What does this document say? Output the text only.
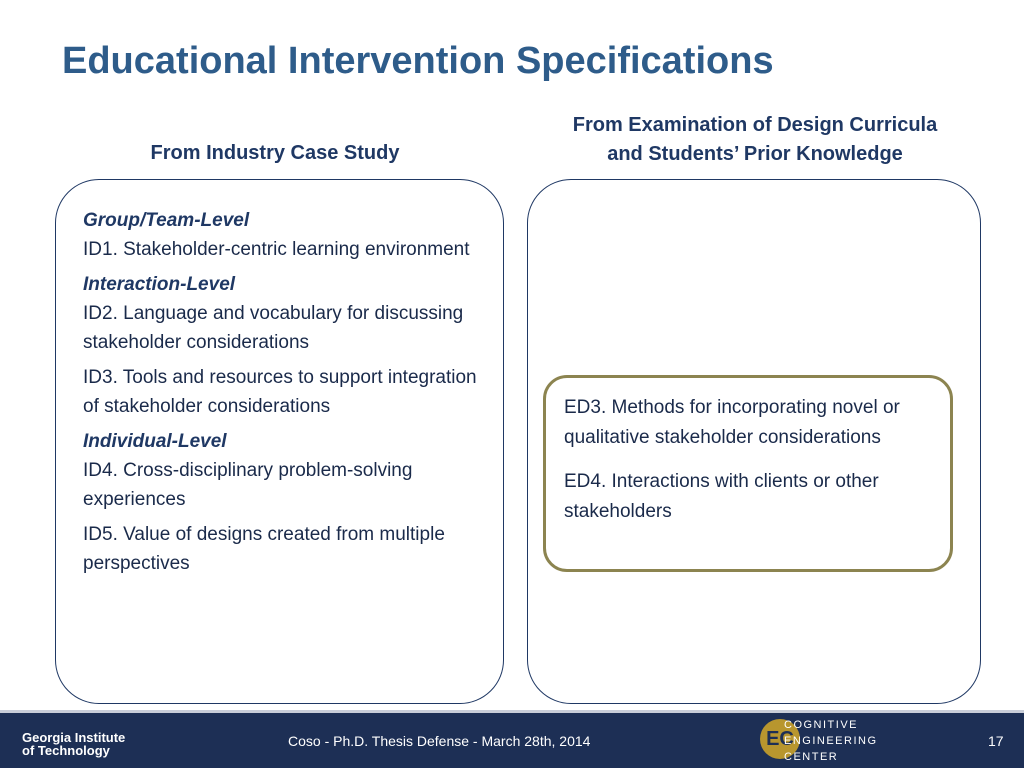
Educational Intervention Specifications
From Industry Case Study
From Examination of Design Curricula
and Students’ Prior Knowledge
Group/Team-Level
ID1. Stakeholder-centric learning environment
Interaction-Level
ID2. Language and vocabulary for discussing stakeholder considerations
ID3. Tools and resources to support integration of stakeholder considerations
Individual-Level
ID4. Cross-disciplinary problem-solving experiences
ID5. Value of designs created from multiple perspectives
ED3. Methods for incorporating novel or qualitative stakeholder considerations
ED4. Interactions with clients or other stakeholders
Georgia Institute
of Technology
Coso - Ph.D. Thesis Defense - March 28th, 2014	EC
COGNITIVE
ENGINEERING
CENTER
17
